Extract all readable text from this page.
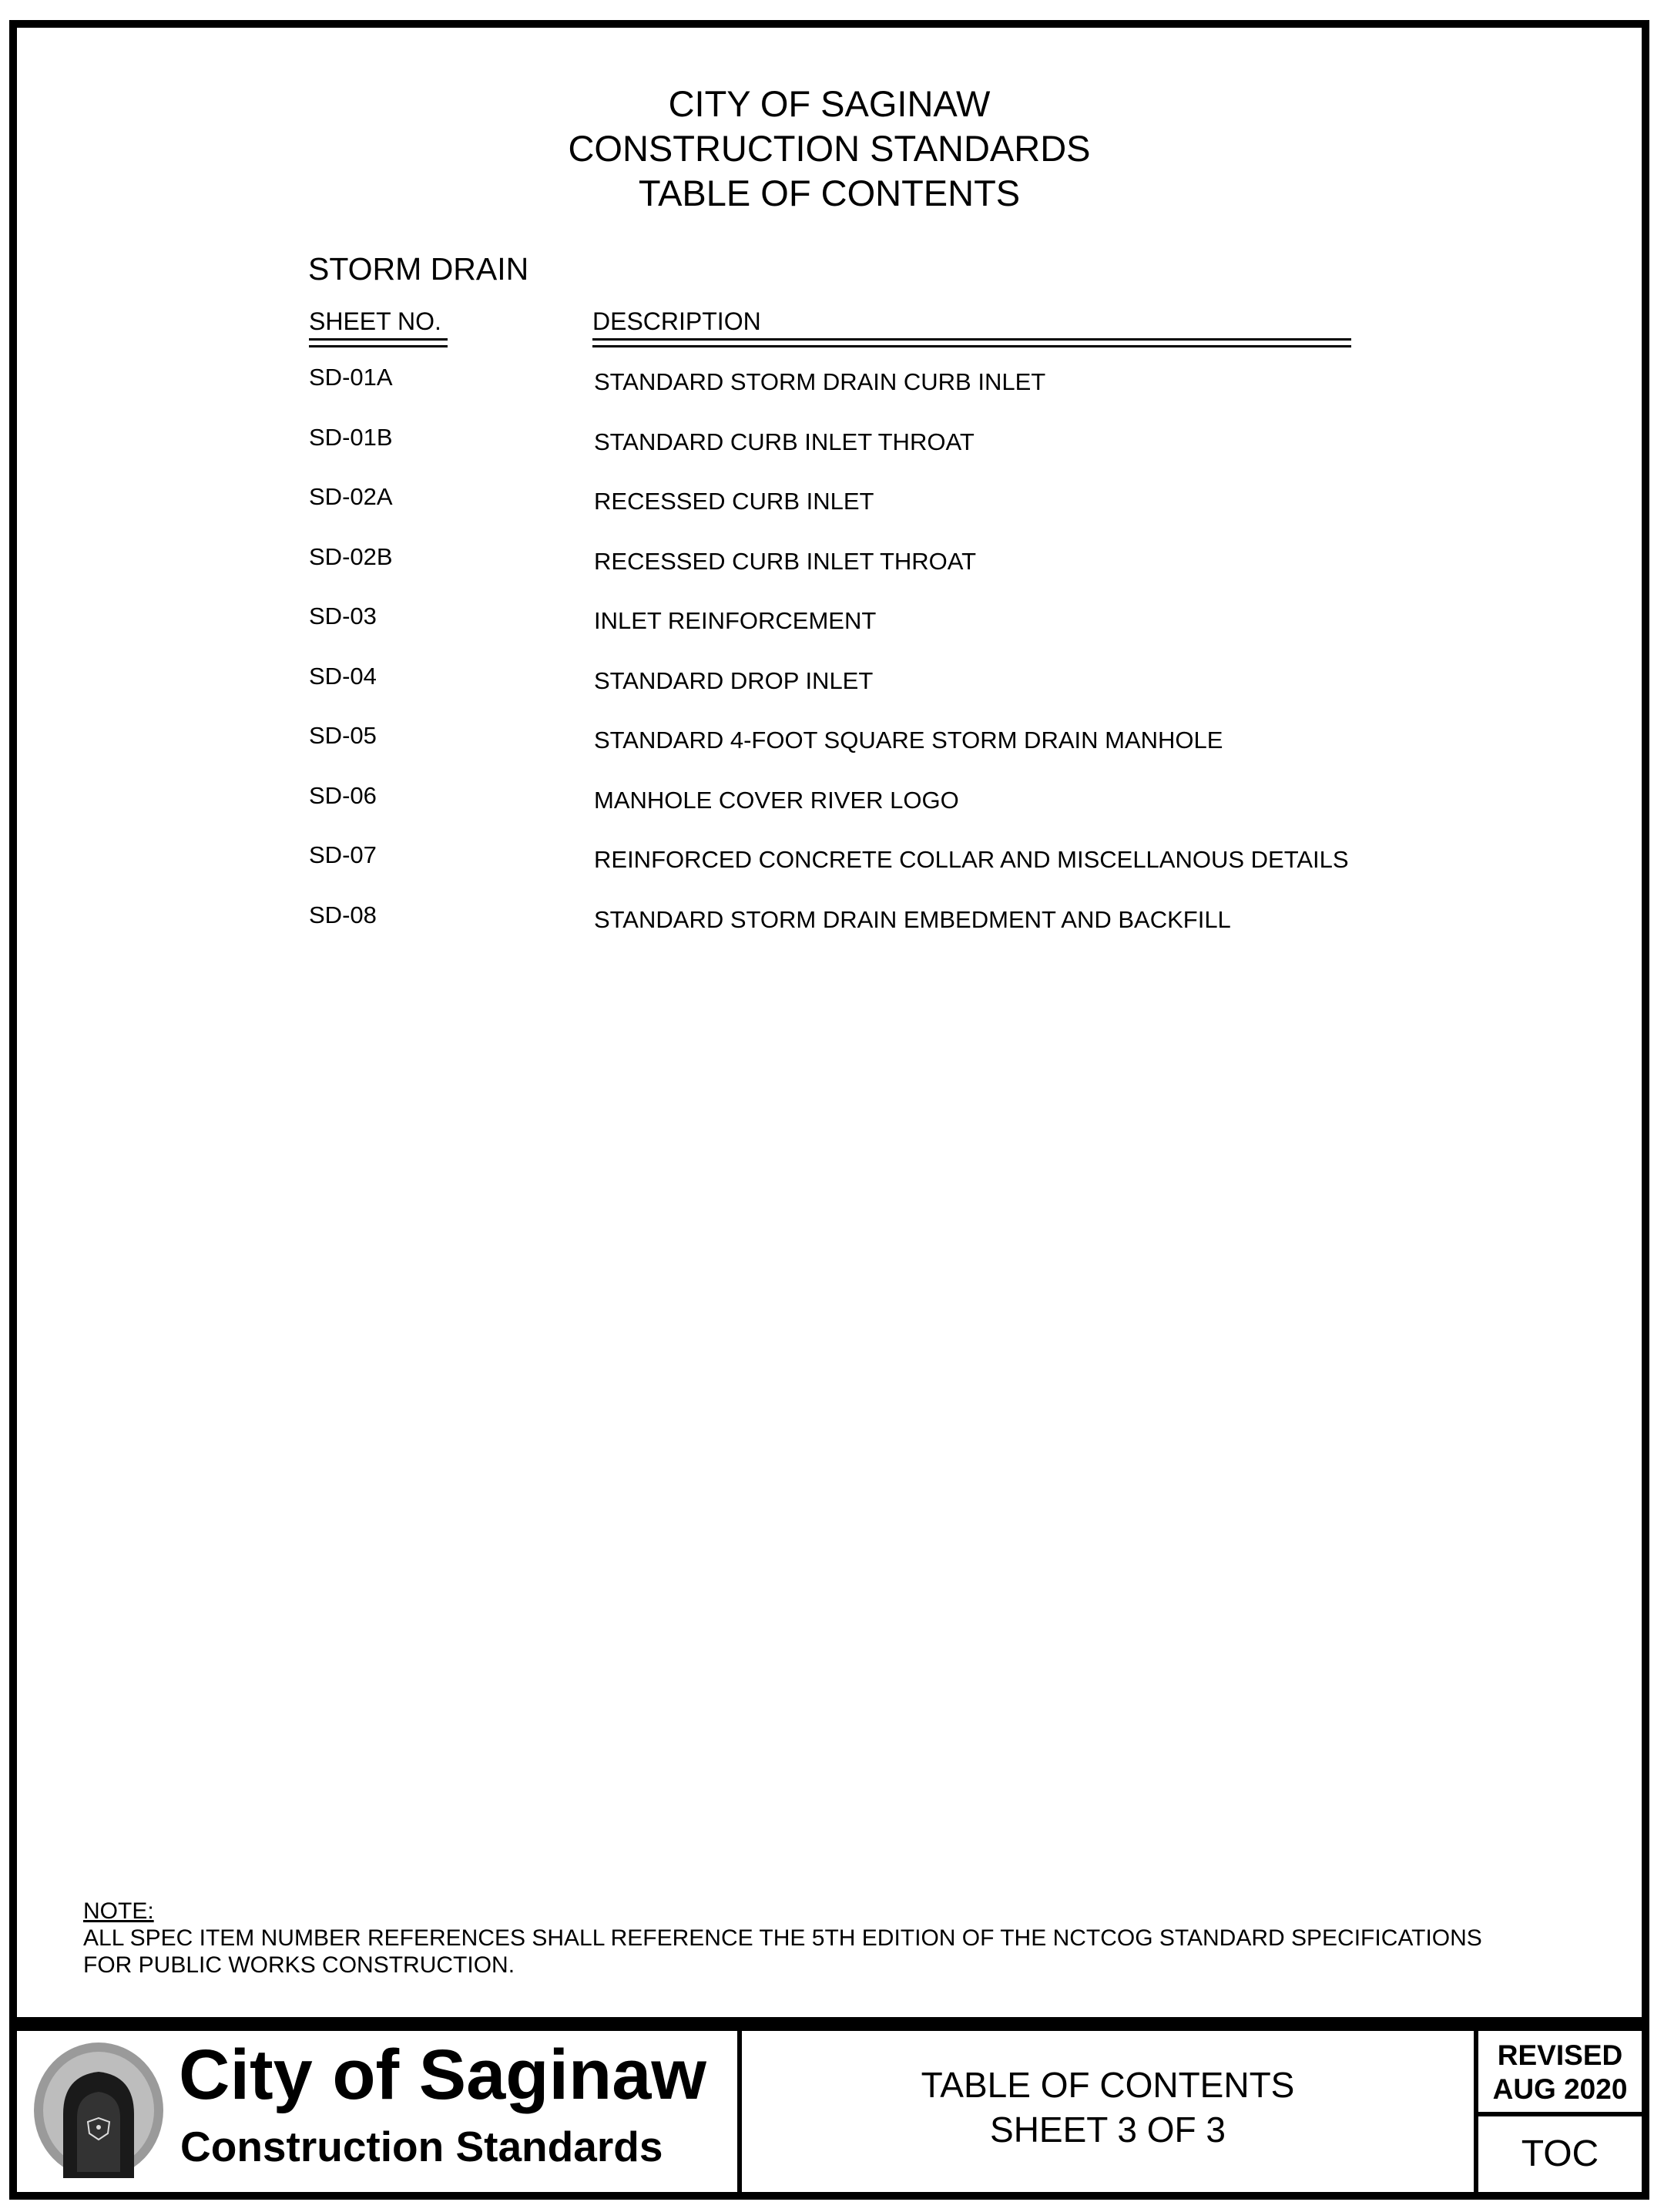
CITY OF SAGINAW
CONSTRUCTION STANDARDS
TABLE OF CONTENTS
STORM DRAIN
SHEET NO.	DESCRIPTION
SD-01A	STANDARD STORM DRAIN CURB INLET
SD-01B	STANDARD CURB INLET THROAT
SD-02A	RECESSED CURB INLET
SD-02B	RECESSED CURB INLET THROAT
SD-03	INLET REINFORCEMENT
SD-04	STANDARD DROP INLET
SD-05	STANDARD 4-FOOT SQUARE STORM DRAIN MANHOLE
SD-06	MANHOLE COVER RIVER LOGO
SD-07	REINFORCED CONCRETE COLLAR AND MISCELLANOUS DETAILS
SD-08	STANDARD STORM DRAIN EMBEDMENT AND BACKFILL
NOTE:
ALL SPEC ITEM NUMBER REFERENCES SHALL REFERENCE THE 5TH EDITION OF THE NCTCOG STANDARD SPECIFICATIONS
FOR PUBLIC WORKS CONSTRUCTION.
City of Saginaw
Construction Standards
TABLE OF CONTENTS
SHEET 3 OF 3
REVISED
AUG 2020
TOC
